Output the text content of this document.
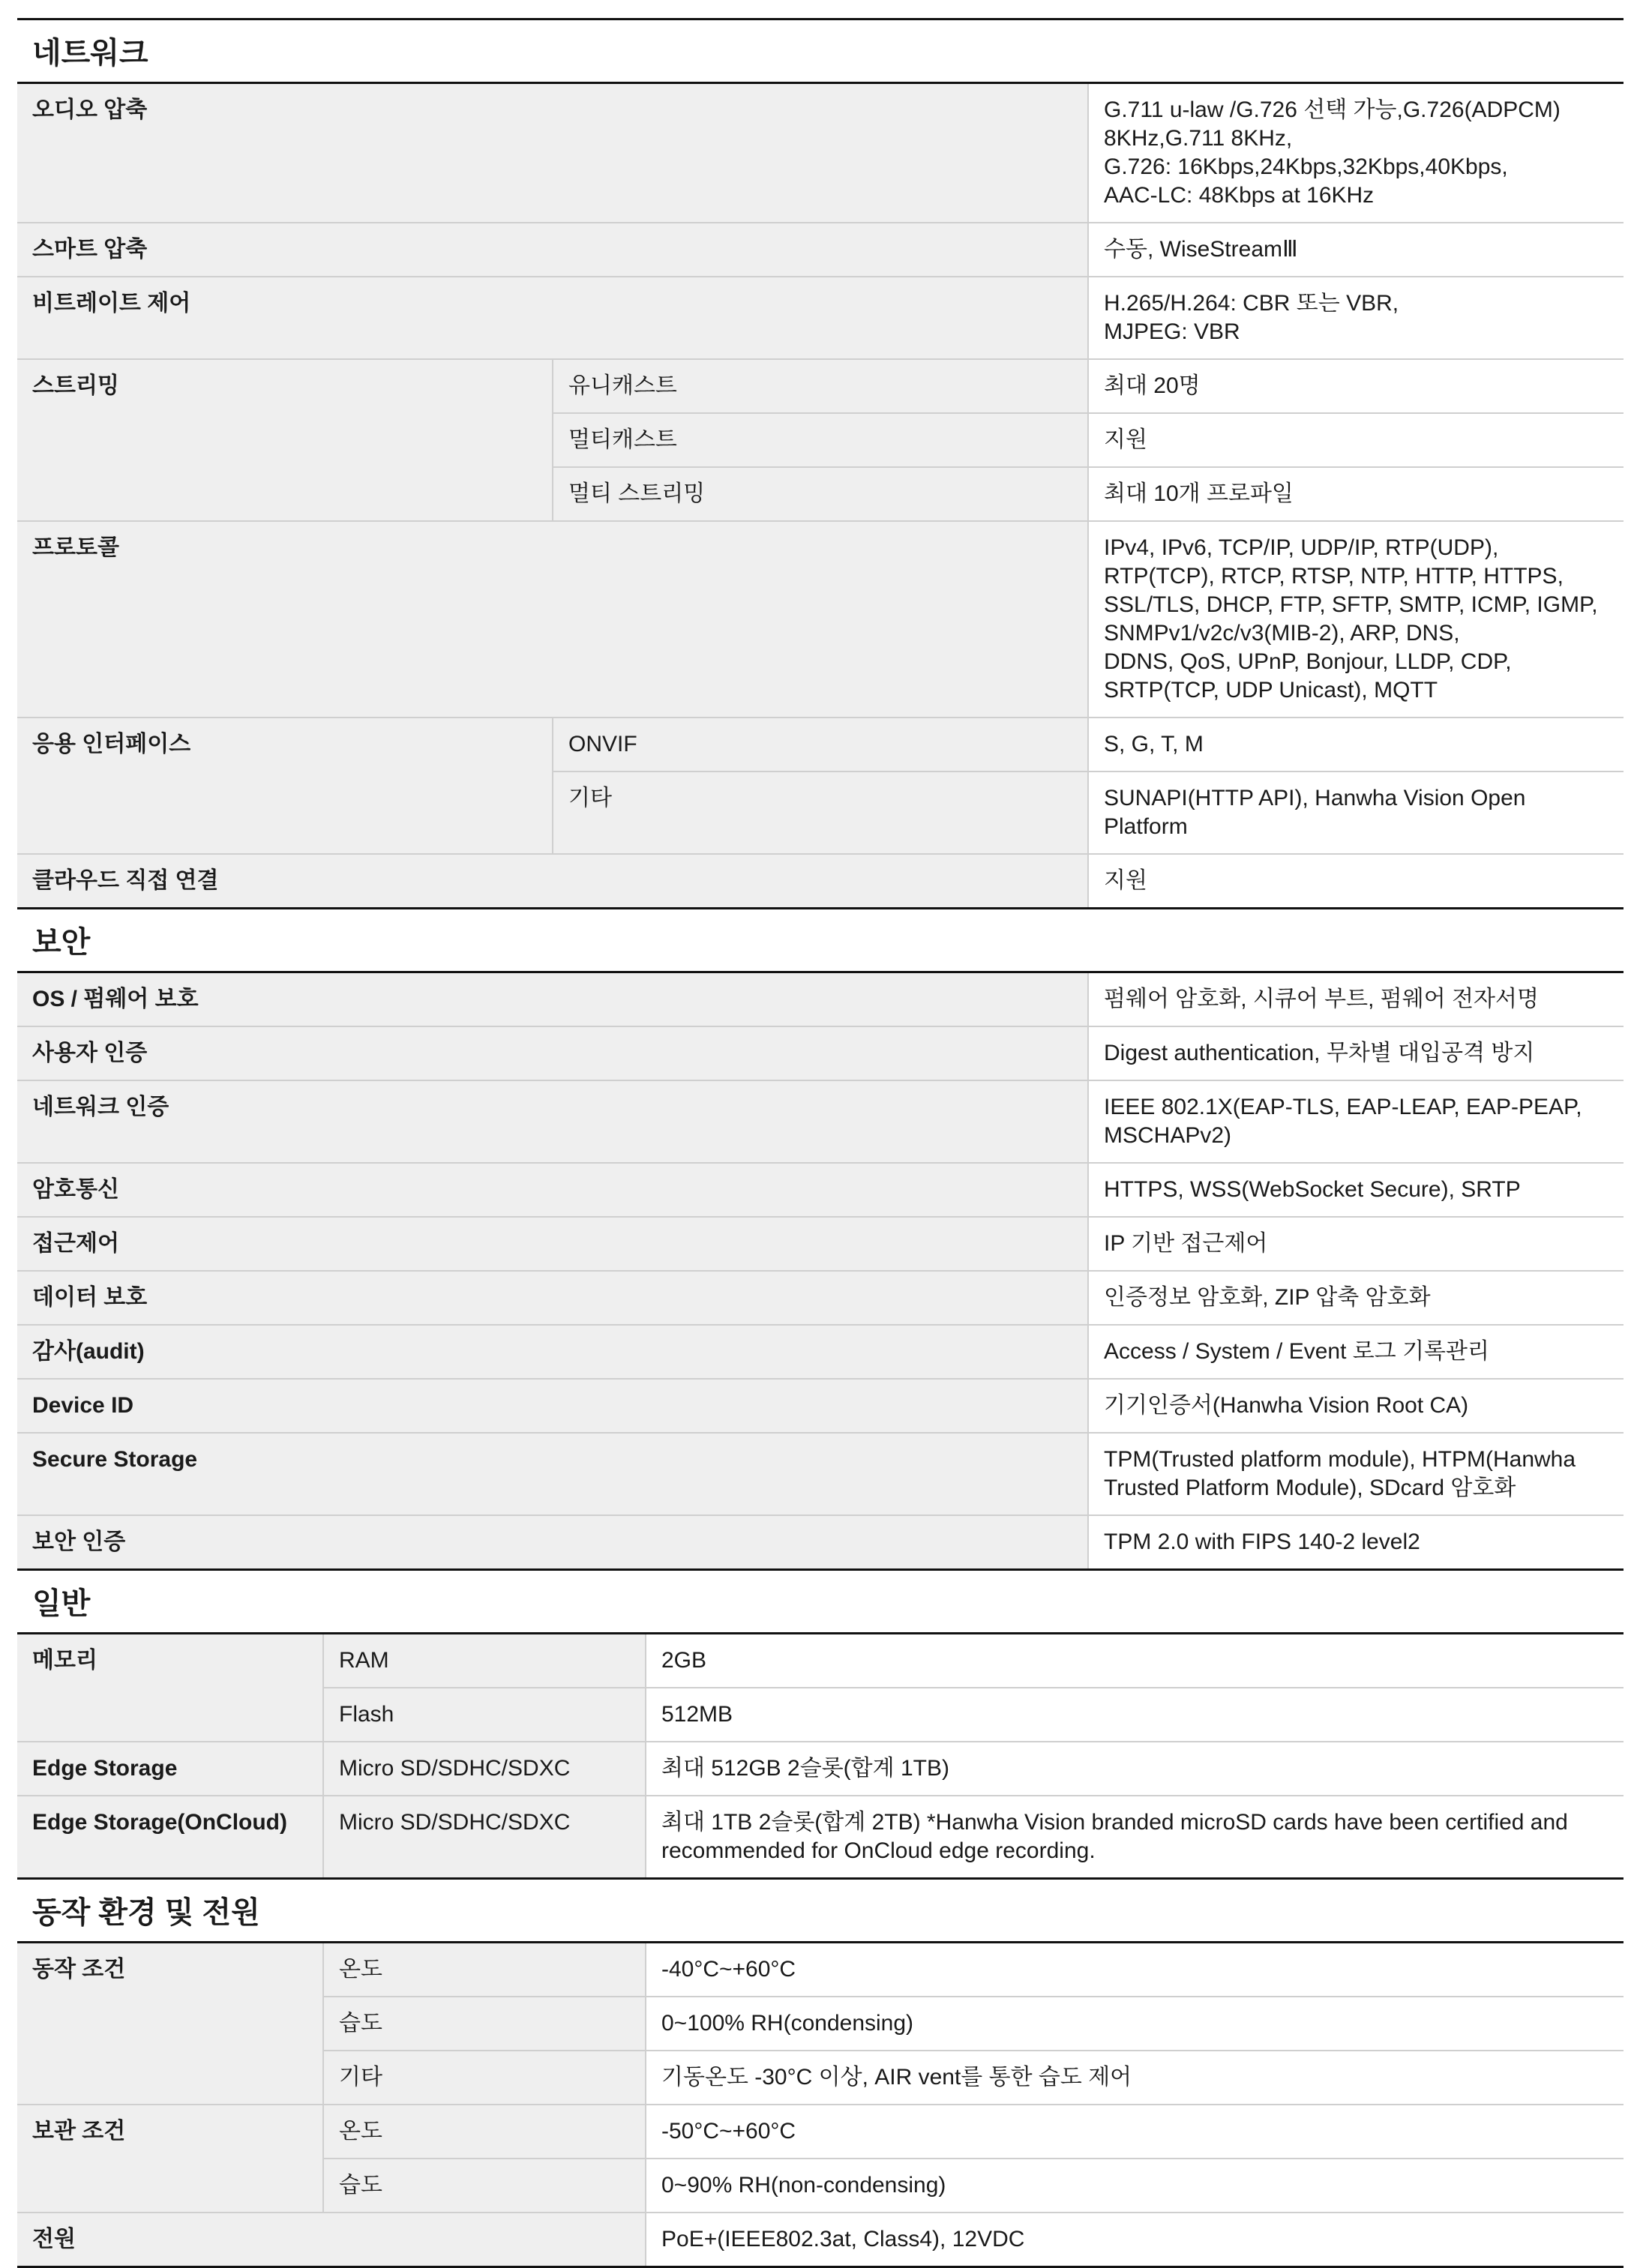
네트워크
오디오 압축		G.711 u-law /G.726 선택 가능,G.726(ADPCM) 8KHz,G.711 8KHz,
G.726: 16Kbps,24Kbps,32Kbps,40Kbps,
AAC-LC: 48Kbps at 16KHz

스마트 압축		수동, WiseStreamⅢ

비트레이트 제어		H.265/H.264: CBR 또는 VBR,
MJPEG: VBR

스트리밍	유니캐스트	최대 20명

	멀티캐스트	지원

	멀티 스트리밍	최대 10개 프로파일

프로토콜		IPv4, IPv6, TCP/IP, UDP/IP, RTP(UDP), RTP(TCP), RTCP, RTSP, NTP, HTTP, HTTPS,
SSL/TLS, DHCP, FTP, SFTP, SMTP, ICMP, IGMP, SNMPv1/v2c/v3(MIB-2), ARP, DNS,
DDNS, QoS, UPnP, Bonjour, LLDP, CDP, SRTP(TCP, UDP Unicast), MQTT

응용 인터페이스	ONVIF	S, G, T, M

	기타	SUNAPI(HTTP API), Hanwha Vision Open Platform

클라우드 직접 연결		지원
보안
OS / 펌웨어 보호	펌웨어 암호화, 시큐어 부트, 펌웨어 전자서명

사용자 인증	Digest authentication, 무차별 대입공격 방지

네트워크 인증	IEEE 802.1X(EAP-TLS, EAP-LEAP, EAP-PEAP, MSCHAPv2)

암호통신	HTTPS, WSS(WebSocket Secure), SRTP

접근제어	IP 기반 접근제어

데이터 보호	인증정보 암호화, ZIP 압축 암호화

감사(audit)	Access / System / Event 로그 기록관리

Device ID	기기인증서(Hanwha Vision Root CA)

Secure Storage	TPM(Trusted platform module), HTPM(Hanwha Trusted Platform Module), SDcard 암호화

보안 인증	TPM 2.0 with FIPS 140-2 level2
일반
메모리	RAM	2GB

	Flash	512MB

Edge Storage	Micro SD/SDHC/SDXC	최대 512GB 2슬롯(합계 1TB)

Edge Storage(OnCloud)	Micro SD/SDHC/SDXC	최대 1TB 2슬롯(합계 2TB) *Hanwha Vision branded microSD cards have been certified and
recommended for OnCloud edge recording.
동작 환경 및 전원
동작 조건	온도	-40°C~+60°C

	습도	0~100% RH(condensing)

	기타	기동온도 -30°C 이상, AIR vent를 통한 습도 제어

보관 조건	온도	-50°C~+60°C

	습도	0~90% RH(non-condensing)

전원		PoE+(IEEE802.3at, Class4), 12VDC
